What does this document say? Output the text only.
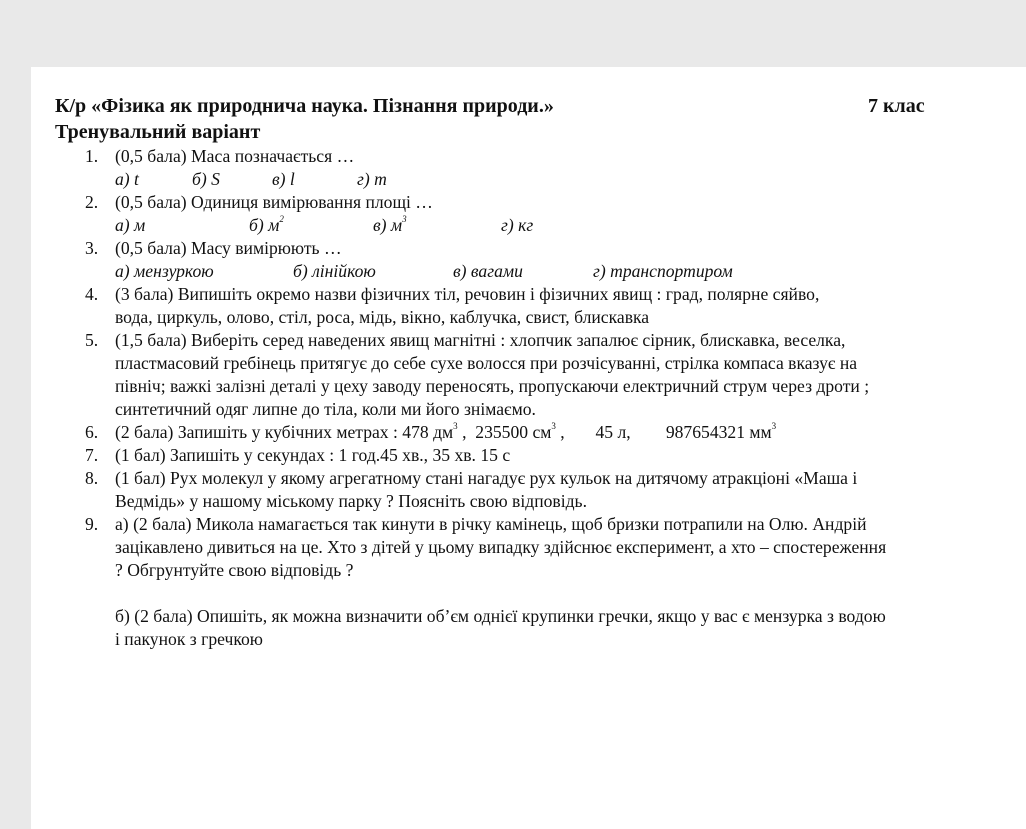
К/р «Фізика як природнича наука. Пізнання природи.»	7 клас
Тренувальний варіант
1. (0,5 бала) Маса позначається …
а) t	б) S	в) l	г) m
2. (0,5 бала) Одиниця вимірювання площі …
а) м	б) $м^2$	в) $м^3$	г) кг
3. (0,5 бала) Масу вимірюють …
а) мензуркою	б) лінійкою	в) вагами	г) транспортиром
4. (3 бала) Випишіть окремо назви фізичних тіл, речовин і фізичних явищ : град, полярне сяйво,
вода, циркуль, олово, стіл, роса, мідь, вікно, каблучка, свист, блискавка
5. (1,5 бала) Виберіть серед наведених явищ магнітні : хлопчик запалює сірник, блискавка, веселка,
пластмасовий гребінець притягує до себе сухе волосся при розчісуванні, стрілка компаса вказує на
північ; важкі залізні деталі у цеху заводу переносять, пропускаючи електричний струм через дроти ;
синтетичний одяг липне до тіла, коли ми його знімаємо.
6. (2 бала) Запишіть у кубічних метрах : 478 $дм^3$ ,  235500 $см^3$ ,       45 л,        987654321 $мм^3$
7. (1 бал) Запишіть у секундах : 1 год.45 хв., 35 хв. 15 с
8. (1 бал) Рух молекул у якому агрегатному стані нагадує рух кульок на дитячому атракціоні «Маша і
Ведмідь» у нашому міському парку ? Поясніть свою відповідь.
9. а) (2 бала) Микола намагається так кинути в річку камінець, щоб бризки потрапили на Олю. Андрій
зацікавлено дивиться на це. Хто з дітей у цьому випадку здійснює експеримент, а хто – спостереження
? Обгрунтуйте свою відповідь ?
б) (2 бала) Опишіть, як можна визначити об’єм однієї крупинки гречки, якщо у вас є мензурка з водою
і пакунок з гречкою
